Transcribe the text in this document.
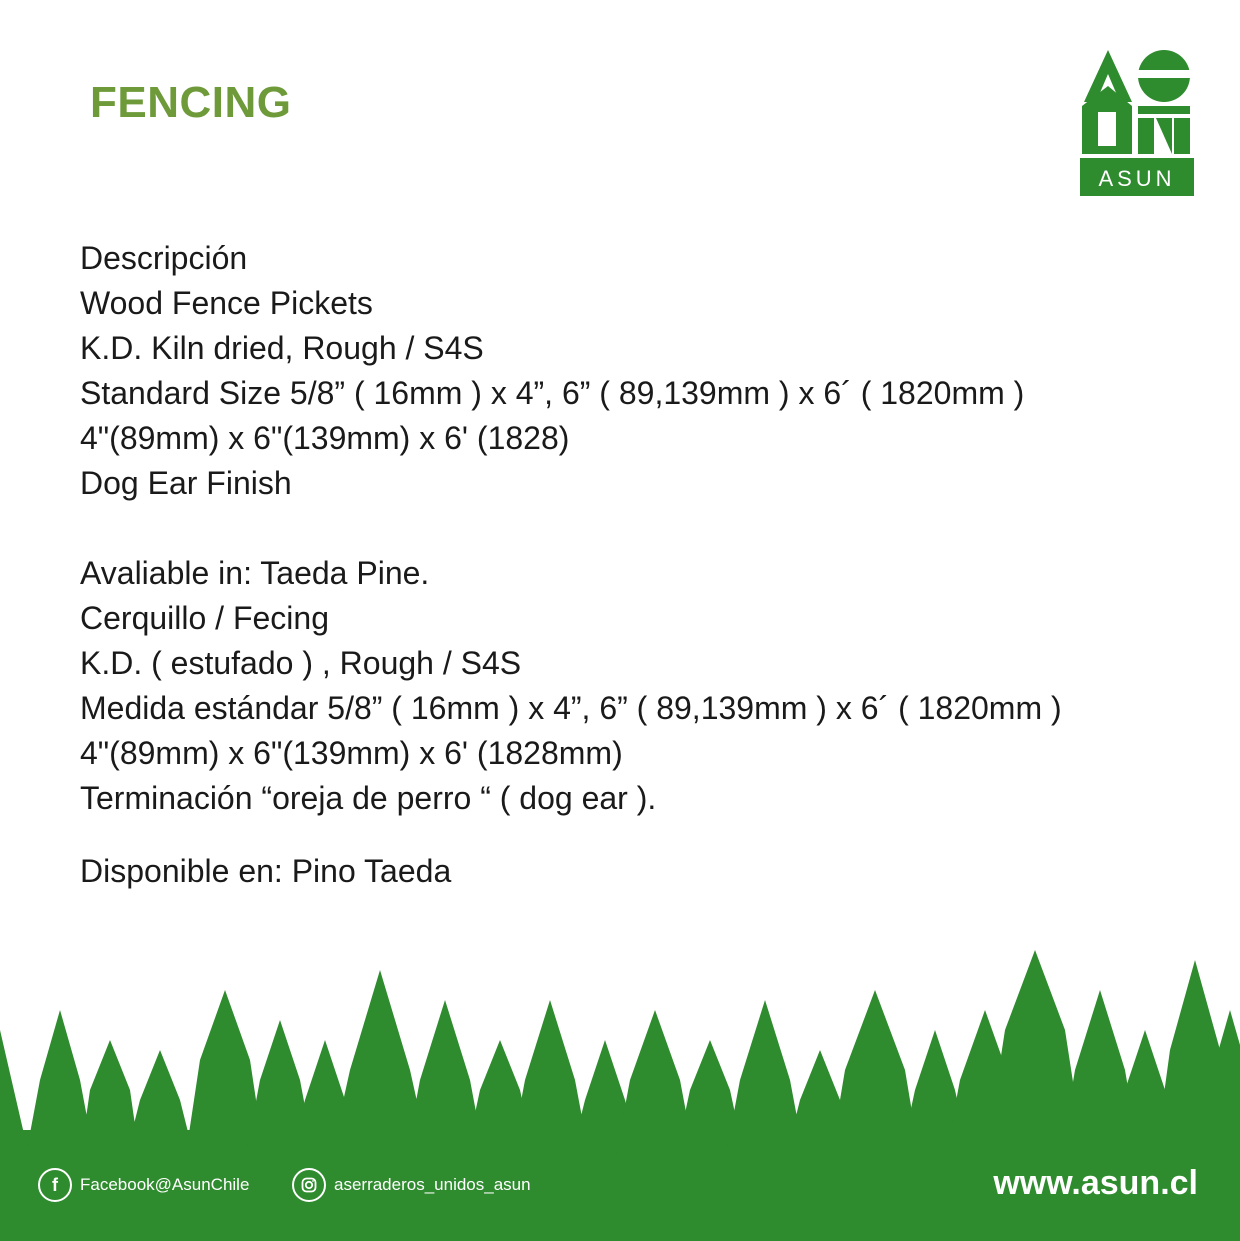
FENCING
ASUN
Descripción
Wood Fence Pickets
K.D. Kiln dried, Rough / S4S
Standard Size 5/8” ( 16mm ) x 4”, 6” ( 89,139mm ) x 6´ ( 1820mm )
4"(89mm) x 6"(139mm) x 6' (1828)
Dog Ear Finish
Avaliable in: Taeda Pine.
Cerquillo / Fecing
K.D. ( estufado ) , Rough / S4S
Medida estándar 5/8” ( 16mm ) x 4”, 6” ( 89,139mm ) x 6´ ( 1820mm )
4"(89mm) x 6"(139mm) x 6' (1828mm)
Terminación “oreja de perro “ ( dog ear ).
Disponible en: Pino Taeda
f Facebook@AsunChile	aserraderos_unidos_asun	www.asun.cl
